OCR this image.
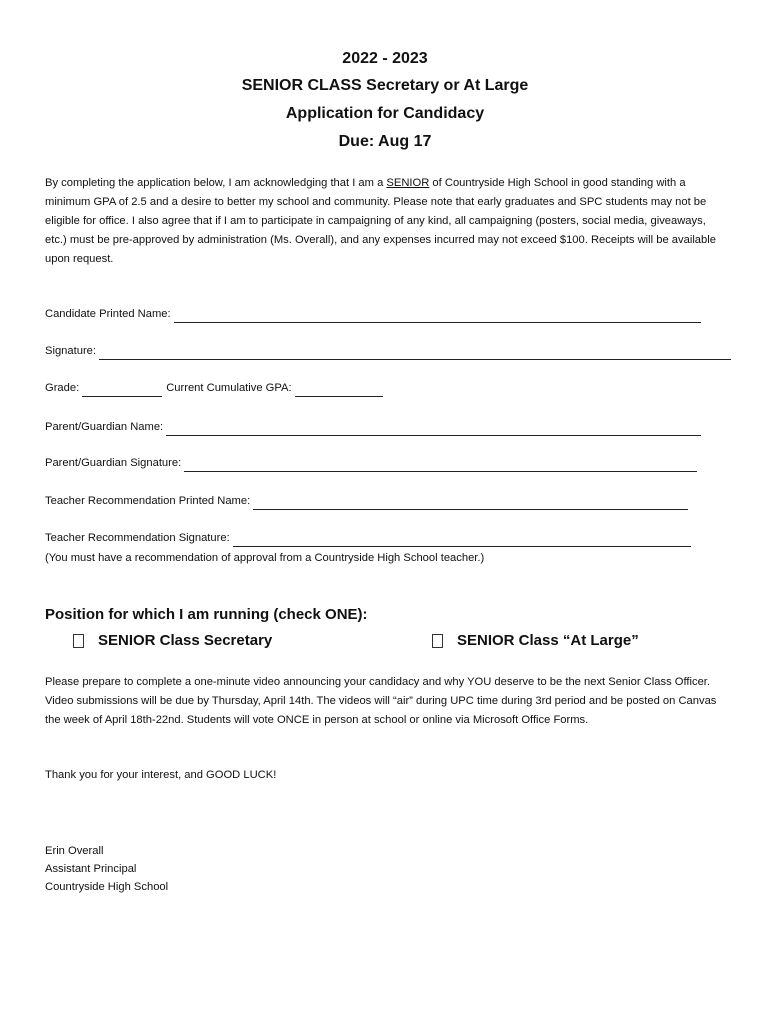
2022 - 2023
SENIOR CLASS Secretary or At Large
Application for Candidacy
Due: Aug 17

By completing the application below, I am acknowledging that I am a SENIOR of Countryside High School in good standing with a minimum GPA of 2.5 and a desire to better my school and community. Please note that early graduates and SPC students may not be eligible for office. I also agree that if I am to participate in campaigning of any kind, all campaigning (posters, social media, giveaways, etc.) must be pre-approved by administration (Ms. Overall), and any expenses incurred may not exceed $100. Receipts will be available upon request.

Candidate Printed Name:
Signature:
Grade:	Current Cumulative GPA:
Parent/Guardian Name:
Parent/Guardian Signature:
Teacher Recommendation Printed Name:
Teacher Recommendation Signature:
(You must have a recommendation of approval from a Countryside High School teacher.)
Position for which I am running (check ONE):
SENIOR Class Secretary	SENIOR Class “At Large”

Please prepare to complete a one-minute video announcing your candidacy and why YOU deserve to be the next Senior Class Officer. Video submissions will be due by Thursday, April 14th. The videos will “air” during UPC time during 3rd period and be posted on Canvas the week of April 18th-22nd. Students will vote ONCE in person at school or online via Microsoft Office Forms.

Thank you for your interest, and GOOD LUCK!
Erin Overall
Assistant Principal
Countryside High School
